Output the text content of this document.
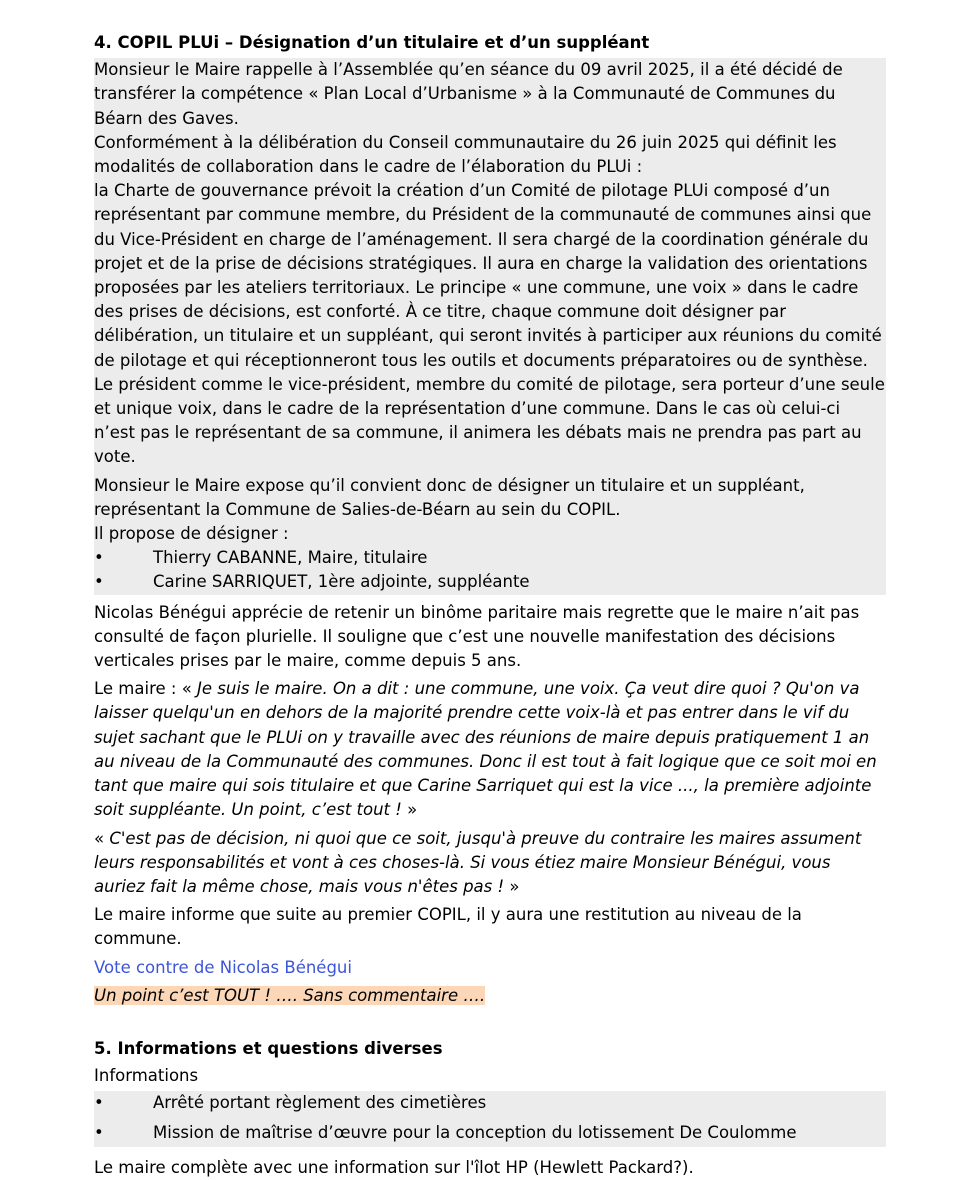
4. COPIL PLUi – Désignation d’un titulaire et d’un suppléant

Monsieur le Maire rappelle à l’Assemblée qu’en séance du 09 avril 2025, il a été décidé de transférer la compétence « Plan Local d’Urbanisme » à la Communauté de Communes du Béarn des Gaves.

Conformément à la délibération du Conseil communautaire du 26 juin 2025 qui définit les modalités de collaboration dans le cadre de l’élaboration du PLUi :

la Charte de gouvernance prévoit la création d’un Comité de pilotage PLUi composé d’un représentant par commune membre, du Président de la communauté de communes ainsi que du Vice-Président en charge de l’aménagement. Il sera chargé de la coordination générale du projet et de la prise de décisions stratégiques. Il aura en charge la validation des orientations proposées par les ateliers territoriaux. Le principe « une commune, une voix » dans le cadre des prises de décisions, est conforté. À ce titre, chaque commune doit désigner par délibération, un titulaire et un suppléant, qui seront invités à participer aux réunions du comité de pilotage et qui réceptionneront tous les outils et documents préparatoires ou de synthèse. Le président comme le vice-président, membre du comité de pilotage, sera porteur d’une seule et unique voix, dans le cadre de la représentation d’une commune. Dans le cas où celui-ci n’est pas le représentant de sa commune, il animera les débats mais ne prendra pas part au vote.

Monsieur le Maire expose qu’il convient donc de désigner un titulaire et un suppléant, représentant la Commune de Salies-de-Béarn au sein du COPIL.

Il propose de désigner :

•	Thierry CABANNE, Maire, titulaire
•	Carine SARRIQUET, 1ère adjointe, suppléante

Nicolas Bénégui apprécie de retenir un binôme paritaire mais regrette que le maire n’ait pas consulté de façon plurielle. Il souligne que c’est une nouvelle manifestation des décisions verticales prises par le maire, comme depuis 5 ans.

Le maire : « Je suis le maire. On a dit : une commune, une voix. Ça veut dire quoi ? Qu'on va laisser quelqu'un en dehors de la majorité prendre cette voix-là et pas entrer dans le vif du sujet sachant que le PLUi on y travaille avec des réunions de maire depuis pratiquement 1 an au niveau de la Communauté des communes. Donc il est tout à fait logique que ce soit moi en tant que maire qui sois titulaire et que Carine Sarriquet qui est la vice ..., la première adjointe soit suppléante. Un point, c’est tout ! »

« C'est pas de décision, ni quoi que ce soit, jusqu'à preuve du contraire les maires assument leurs responsabilités et vont à ces choses-là. Si vous étiez maire Monsieur Bénégui, vous auriez fait la même chose, mais vous n'êtes pas ! »

Le maire informe que suite au premier COPIL, il y aura une restitution au niveau de la commune.

Vote contre de Nicolas Bénégui

Un point c’est TOUT ! …. Sans commentaire ….

5. Informations et questions diverses

Informations

•	Arrêté portant règlement des cimetières
•	Mission de maîtrise d’œuvre pour la conception du lotissement De Coulomme

Le maire complète avec une information sur l'îlot HP (Hewlett Packard?).
